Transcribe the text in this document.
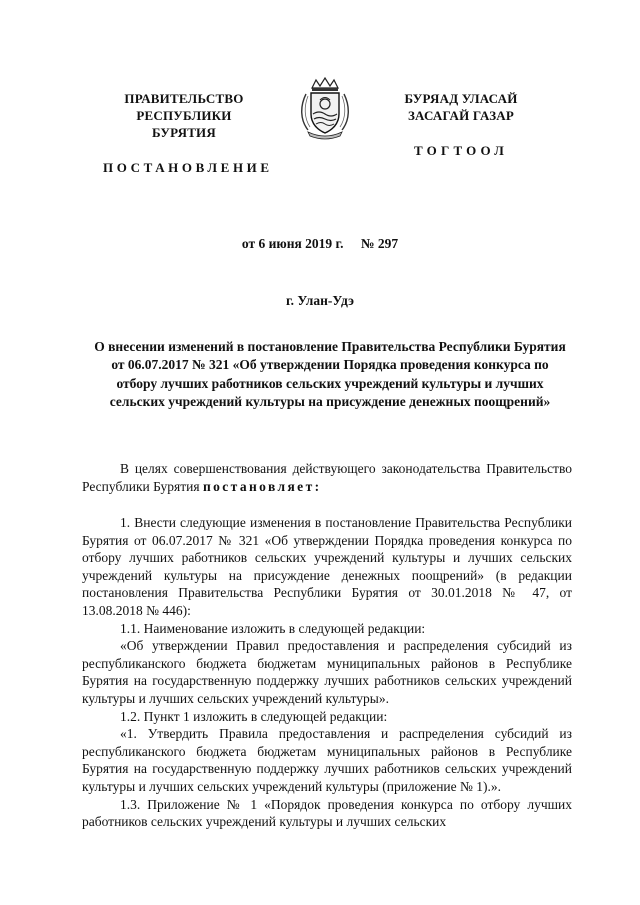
ПРАВИТЕЛЬСТВО
РЕСПУБЛИКИ БУРЯТИЯ
ПОСТАНОВЛЕНИЕ
БУРЯАД УЛАСАЙ
ЗАСАГАЙ ГАЗАР
ТОГТООЛ
от 6 июня 2019 г. № 297
г. Улан-Удэ
О внесении изменений в постановление Правительства Республики Бурятия от 06.07.2017 № 321 «Об утверждении Порядка проведения конкурса по отбору лучших работников сельских учреждений культуры и лучших сельских учреждений культуры на присуждение денежных поощрений»

В целях совершенствования действующего законодательства Правительство Республики Бурятия постановляет:

1. Внести следующие изменения в постановление Правительства Республики Бурятия от 06.07.2017 № 321 «Об утверждении Порядка проведения конкурса по отбору лучших работников сельских учреждений культуры и лучших сельских учреждений культуры на присуждение денежных поощрений» (в редакции постановления Правительства Республики Бурятия от 30.01.2018 № 47, от 13.08.2018 № 446):

1.1. Наименование изложить в следующей редакции:

«Об утверждении Правил предоставления и распределения субсидий из республиканского бюджета бюджетам муниципальных районов в Республике Бурятия на государственную поддержку лучших работников сельских учреждений культуры и лучших сельских учреждений культуры».

1.2. Пункт 1 изложить в следующей редакции:

«1. Утвердить Правила предоставления и распределения субсидий из республиканского бюджета бюджетам муниципальных районов в Республике Бурятия на государственную поддержку лучших работников сельских учреждений культуры и лучших сельских учреждений культуры (приложение № 1).».

1.3. Приложение № 1 «Порядок проведения конкурса по отбору лучших работников сельских учреждений культуры и лучших сельских
